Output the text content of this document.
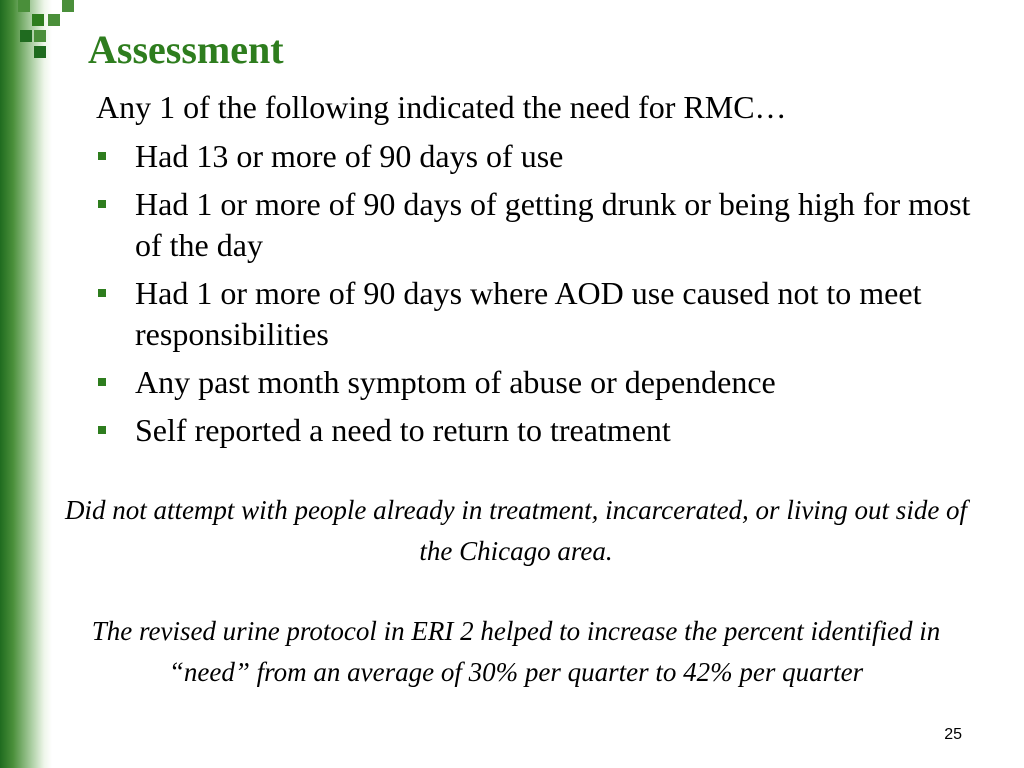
Assessment
Any 1 of the following indicated the need for RMC…
Had 13 or more of 90 days of use
Had 1 or more of 90 days of getting drunk or being high for most of the day
Had 1 or more of 90 days where AOD use caused not to meet responsibilities
Any past month symptom of abuse or dependence
Self reported a need to return to treatment
Did not attempt with people already in treatment, incarcerated, or living out side of the Chicago area.
The revised urine protocol in ERI 2 helped to increase the percent identified in “need” from an average of 30% per quarter to 42% per quarter
25
